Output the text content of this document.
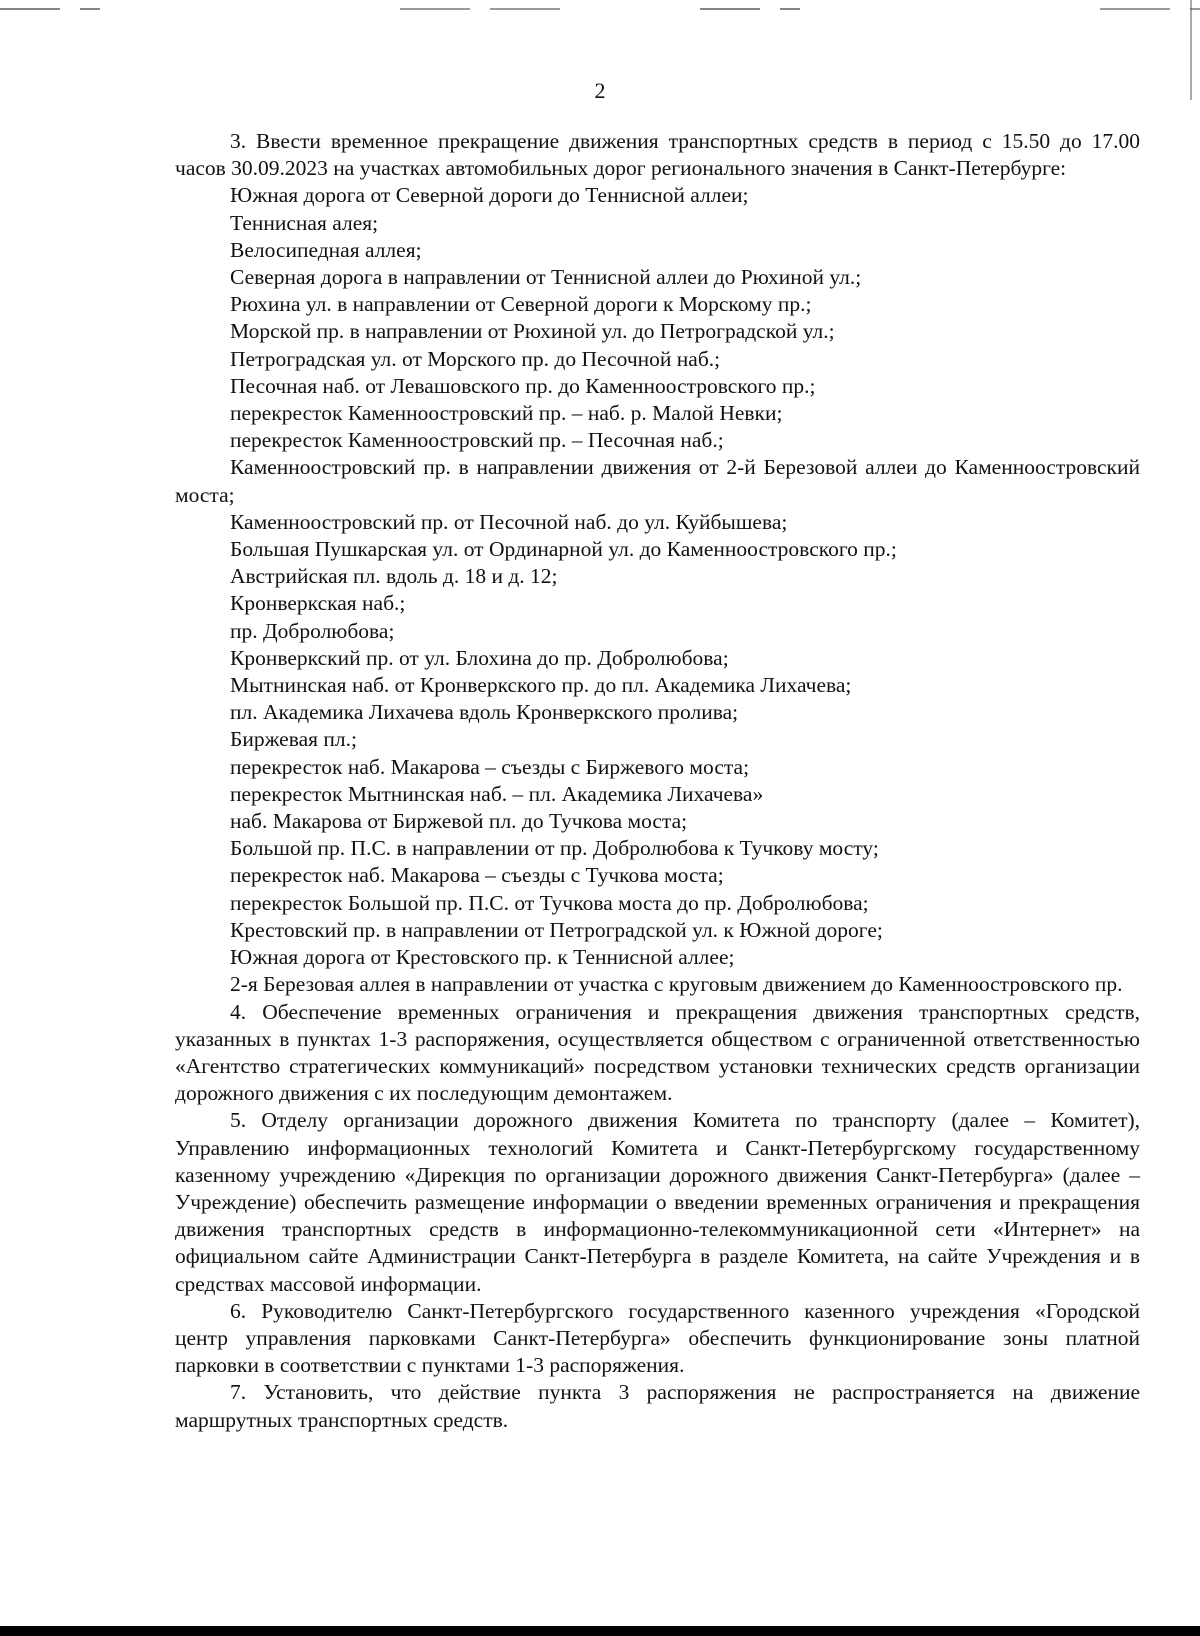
2

3. Ввести временное прекращение движения транспортных средств в период с 15.50 до 17.00 часов 30.09.2023 на участках автомобильных дорог регионального значения в Санкт-Петербурге:

Южная дорога от Северной дороги до Теннисной аллеи;

Теннисная алея;

Велосипедная аллея;

Северная дорога в направлении от Теннисной аллеи до Рюхиной ул.;

Рюхина ул. в направлении от Северной дороги к Морскому пр.;

Морской пр. в направлении от Рюхиной ул. до Петроградской ул.;

Петроградская ул. от Морского пр. до Песочной наб.;

Песочная наб. от Левашовского пр. до Каменноостровского пр.;

перекресток Каменноостровский пр. – наб. р. Малой Невки;

перекресток Каменноостровский пр. – Песочная наб.;

Каменноостровский пр. в направлении движения от 2-й Березовой аллеи до Каменноостровский моста;

Каменноостровский пр. от Песочной наб. до ул. Куйбышева;

Большая Пушкарская ул. от Ординарной ул. до Каменноостровского пр.;

Австрийская пл. вдоль д. 18 и д. 12;

Кронверкская наб.;

пр. Добролюбова;

Кронверкский пр. от ул. Блохина до пр. Добролюбова;

Мытнинская наб. от Кронверкского пр. до пл. Академика Лихачева;

пл. Академика Лихачева вдоль Кронверкского пролива;

Биржевая пл.;

перекресток наб. Макарова – съезды с Биржевого моста;

перекресток Мытнинская наб. – пл. Академика Лихачева»

наб. Макарова от Биржевой пл. до Тучкова моста;

Большой пр. П.С. в направлении от пр. Добролюбова к Тучкову мосту;

перекресток наб. Макарова – съезды с Тучкова моста;

перекресток Большой пр. П.С. от Тучкова моста до пр. Добролюбова;

Крестовский пр. в направлении от Петроградской ул. к Южной дороге;

Южная дорога от Крестовского пр. к Теннисной аллее;

2-я Березовая аллея в направлении от участка с круговым движением до Каменноостровского пр.

4. Обеспечение временных ограничения и прекращения движения транспортных средств, указанных в пунктах 1-3 распоряжения, осуществляется обществом с ограниченной ответственностью «Агентство стратегических коммуникаций» посредством установки технических средств организации дорожного движения с их последующим демонтажем.

5. Отделу организации дорожного движения Комитета по транспорту (далее – Комитет), Управлению информационных технологий Комитета и Санкт-Петербургскому государственному казенному учреждению «Дирекция по организации дорожного движения Санкт-Петербурга» (далее – Учреждение) обеспечить размещение информации о введении временных ограничения и прекращения движения транспортных средств в информационно-телекоммуникационной сети «Интернет» на официальном сайте Администрации Санкт-Петербурга в разделе Комитета, на сайте Учреждения и в средствах массовой информации.

6. Руководителю Санкт-Петербургского государственного казенного учреждения «Городской центр управления парковками Санкт-Петербурга» обеспечить функционирование зоны платной парковки в соответствии с пунктами 1-3 распоряжения.

7. Установить, что действие пункта 3 распоряжения не распространяется на движение маршрутных транспортных средств.
